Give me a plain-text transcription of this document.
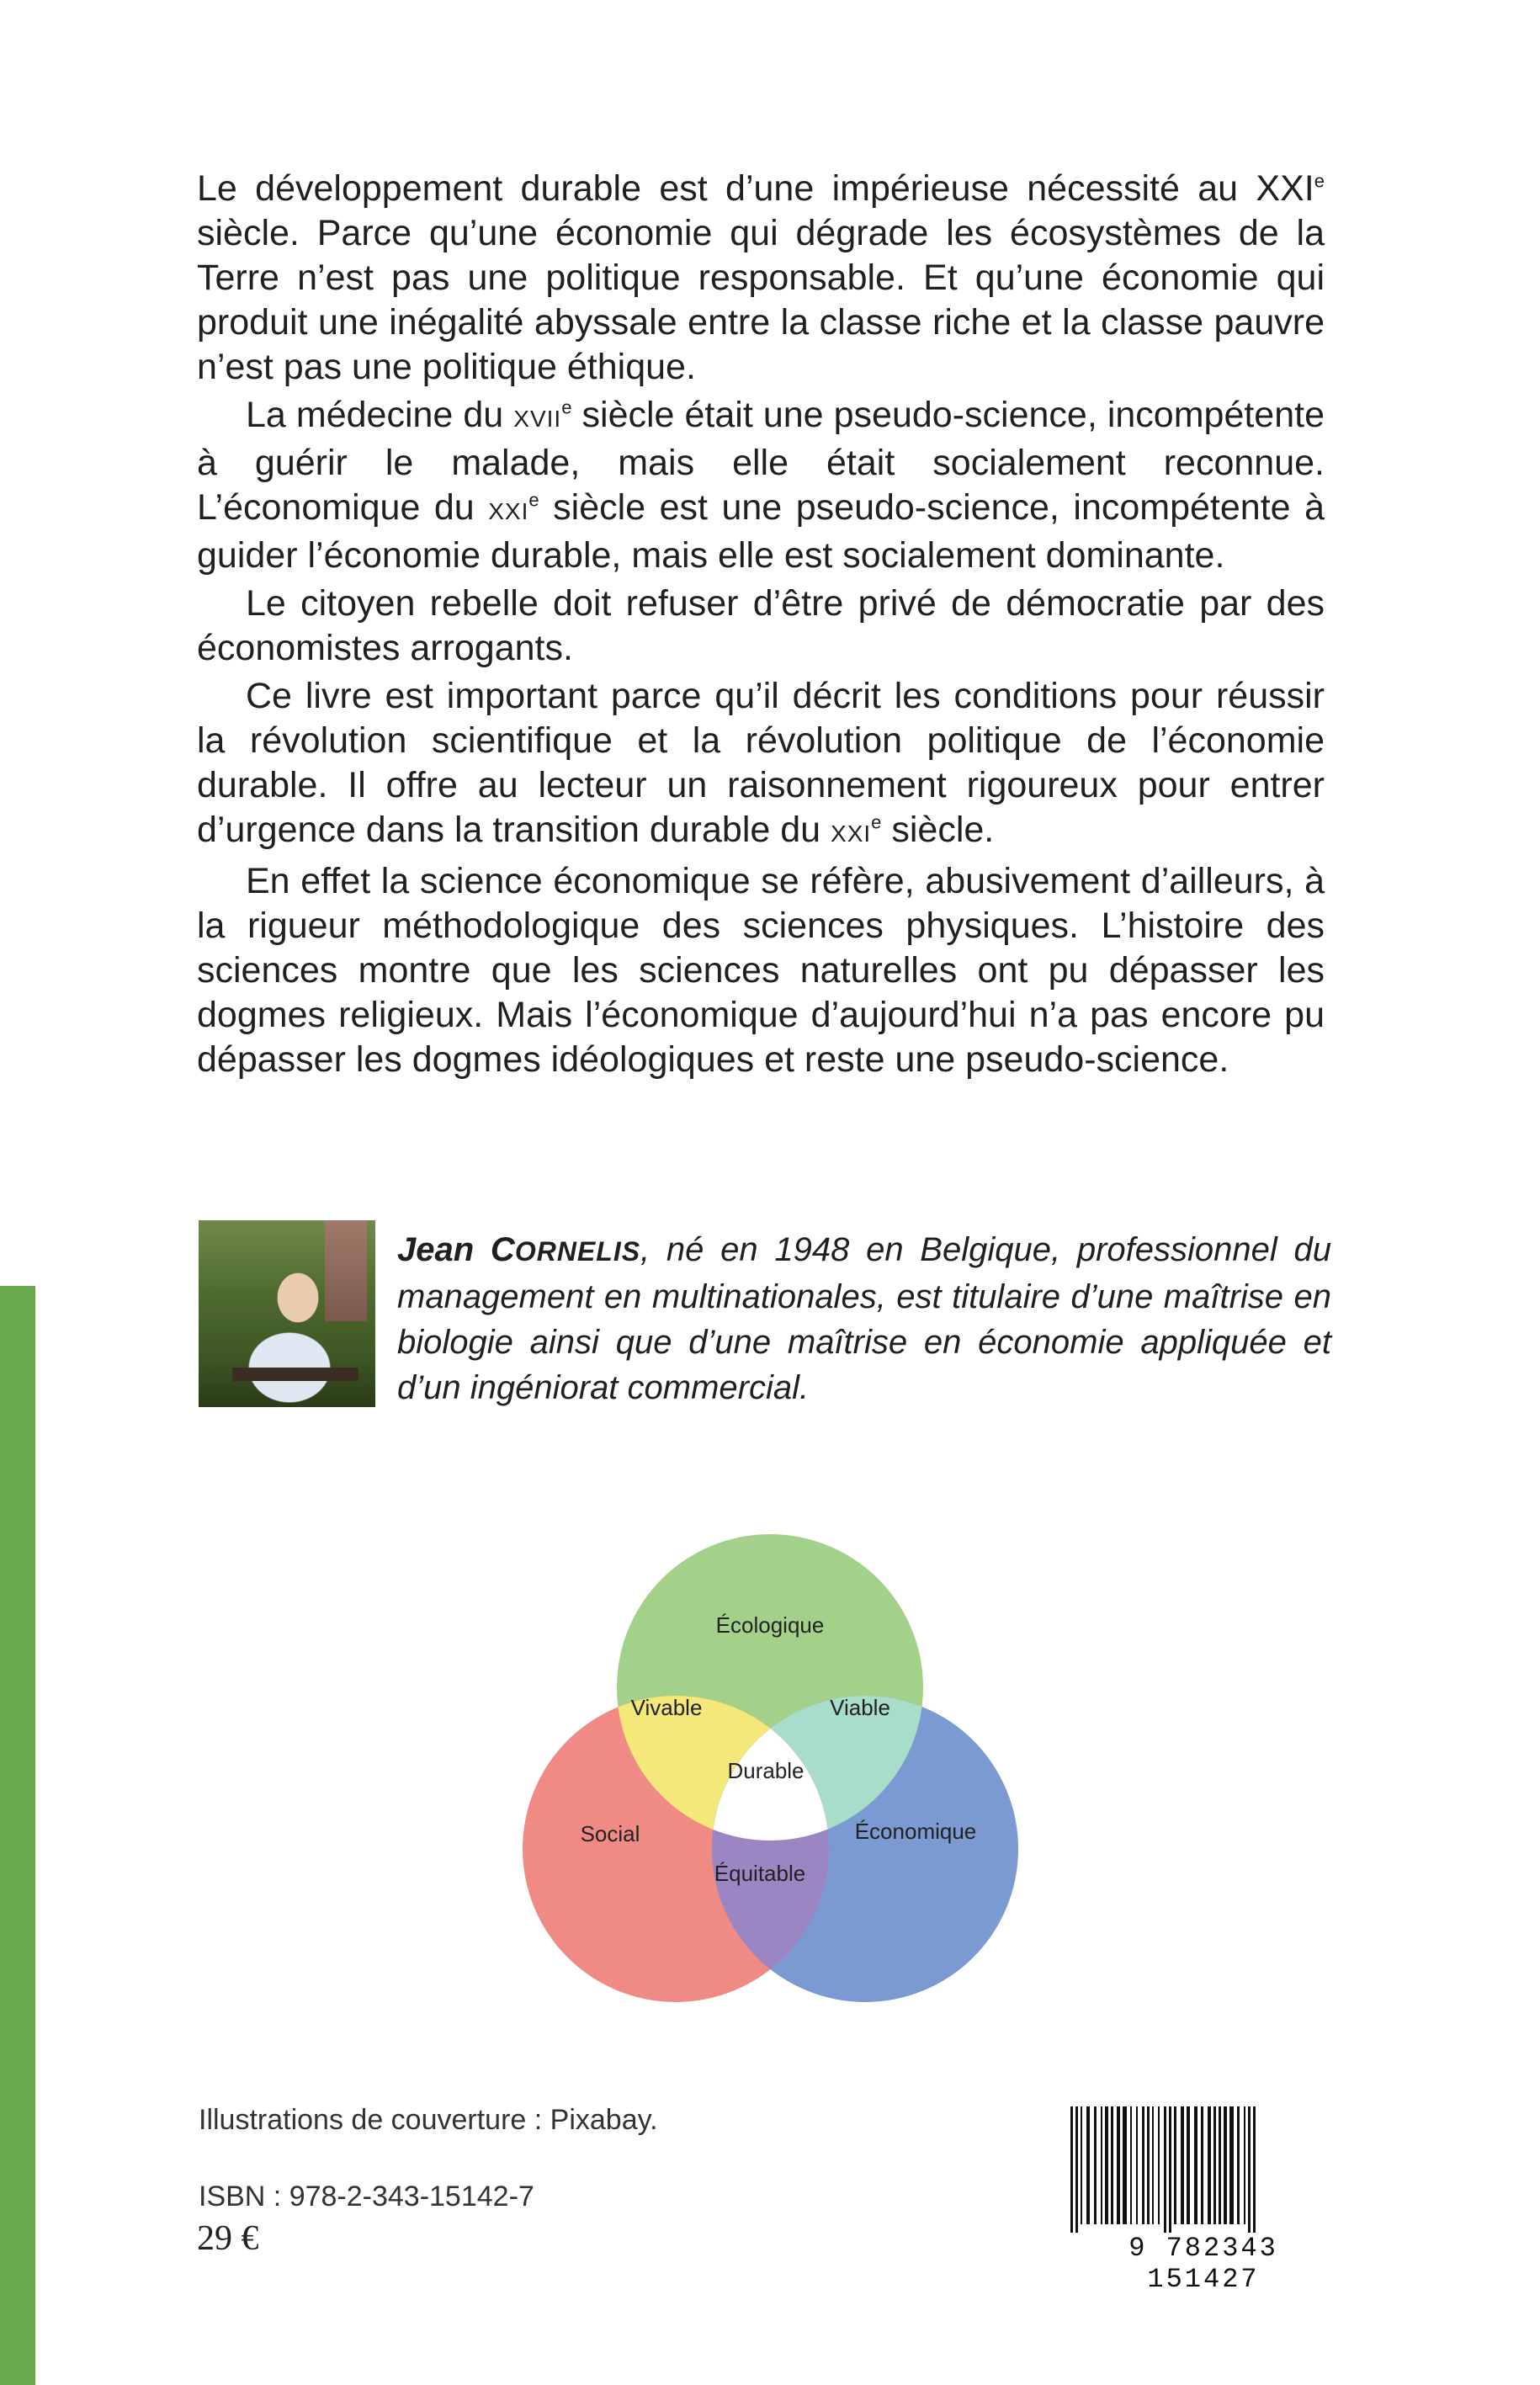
Le développement durable est d’une impérieuse nécessité au XXIe siècle. Parce qu’une économie qui dégrade les écosystèmes de la Terre n’est pas une politique responsable. Et qu’une économie qui produit une inégalité abyssale entre la classe riche et la classe pauvre n’est pas une politique éthique.

La médecine du XVIIe siècle était une pseudo-science, incompétente à guérir le malade, mais elle était socialement reconnue. L’économique du XXIe siècle est une pseudo-science, incompétente à guider l’économie durable, mais elle est socialement dominante.

Le citoyen rebelle doit refuser d’être privé de démocratie par des économistes arrogants.

Ce livre est important parce qu’il décrit les conditions pour réussir la révolution scientifique et la révolution politique de l’économie durable. Il offre au lecteur un raisonnement rigoureux pour entrer d’urgence dans la transition durable du XXIe siècle.

En effet la science économique se réfère, abusivement d’ailleurs, à la rigueur méthodologique des sciences physiques. L’histoire des sciences montre que les sciences naturelles ont pu dépasser les dogmes religieux. Mais l’économique d’aujourd’hui n’a pas encore pu dépasser les dogmes idéologiques et reste une pseudo-science.

Jean CORNELIS, né en 1948 en Belgique, professionnel du management en multinationales, est titulaire d’une maîtrise en biologie ainsi que d’une maîtrise en économie appliquée et d’un ingéniorat commercial.
Écologique
Vivable	Viable
Durable
Social	Économique
Équitable
Illustrations de couverture : Pixabay.
ISBN : 978-2-343-15142-7
29 €	9 782343 151427
